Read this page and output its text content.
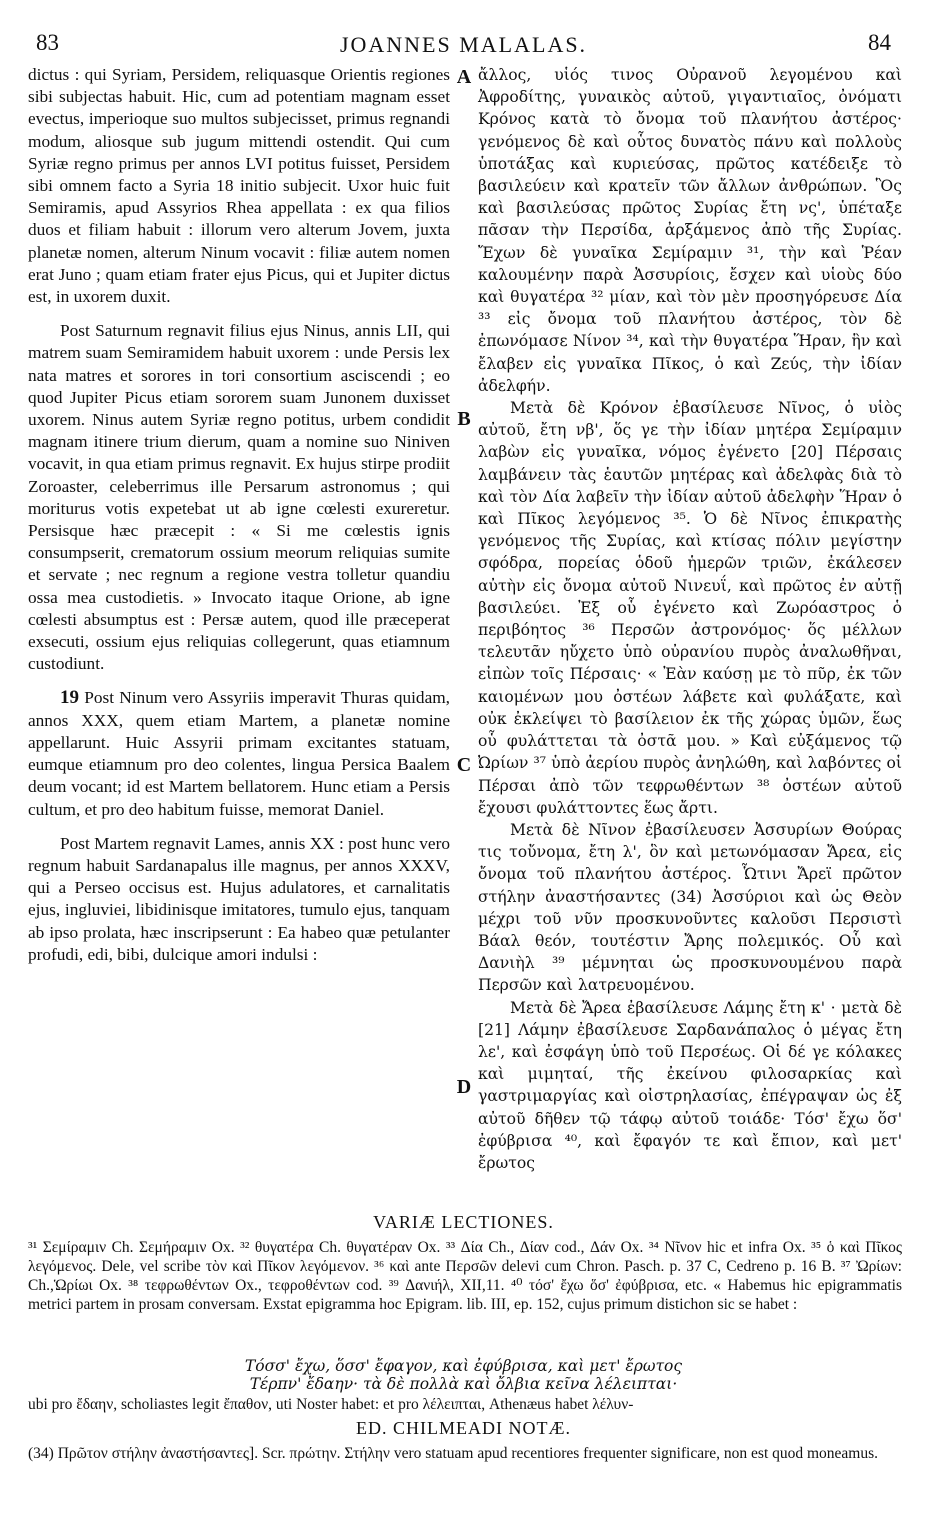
83	JOANNES MALALAS.	84

dictus : qui Syriam, Persidem, reliquasque Orientis regiones sibi subjectas habuit. Hic, cum ad potentiam magnam esset evectus, imperioque suo multos subjecisset, primus regnandi modum, aliosque sub jugum mittendi ostendit. Qui cum Syriæ regno primus per annos LVI potitus fuisset, Persidem sibi omnem facto a Syria 18 initio subjecit. Uxor huic fuit Semiramis, apud Assyrios Rhea appellata : ex qua filios duos et filiam habuit : illorum vero alterum Jovem, juxta planetæ nomen, alterum Ninum vocavit : filiæ autem nomen erat Juno ; quam etiam frater ejus Picus, qui et Jupiter dictus est, in uxorem duxit.

Post Saturnum regnavit filius ejus Ninus, annis LII, qui matrem suam Semiramidem habuit uxorem : unde Persis lex nata matres et sorores in tori consortium asciscendi ; eo quod Jupiter Picus etiam sororem suam Junonem duxisset uxorem. Ninus autem Syriæ regno potitus, urbem condidit magnam itinere trium dierum, quam a nomine suo Niniven vocavit, in qua etiam primus regnavit. Ex hujus stirpe prodiit Zoroaster, celeberrimus ille Persarum astronomus ; qui moriturus votis expetebat ut ab igne cœlesti exureretur. Persisque hæc præcepit : « Si me cœlestis ignis consumpserit, crematorum ossium meorum reliquias sumite et servate ; nec regnum a regione vestra tolletur quandiu ossa mea custodietis. » Invocato itaque Orione, ab igne cœlesti absumptus est : Persæ autem, quod ille præceperat exsecuti, ossium ejus reliquias collegerunt, quas etiamnum custodiunt.

19 Post Ninum vero Assyriis imperavit Thuras quidam, annos XXX, quem etiam Martem, a planetæ nomine appellarunt. Huic Assyrii primam excitantes statuam, eumque etiamnum pro deo colentes, lingua Persica Baalem deum vocant; id est Martem bellatorem. Hunc etiam a Persis cultum, et pro deo habitum fuisse, memorat Daniel.

Post Martem regnavit Lames, annis XX : post hunc vero regnum habuit Sardanapalus ille magnus, per annos XXXV, qui a Perseo occisus est. Hujus adulatores, et carnalitatis ejus, ingluviei, libidinisque imitatores, tumulo ejus, tanquam ab ipso prolata, hæc inscripserunt : Ea habeo quæ petulanter profudi, edi, bibi, dulcique amori indulsi :

A
B
C
D

ἄλλος, υἱός τινος Οὐρανοῦ λεγομένου καὶ Ἀφροδίτης, γυναικὸς αὐτοῦ, γιγαντιαῖος, ὀνόματι Κρόνος κατὰ τὸ ὄνομα τοῦ πλανήτου ἀστέρος· γενόμενος δὲ καὶ οὗτος δυνατὸς πάνυ καὶ πολλοὺς ὑποτάξας καὶ κυριεύσας, πρῶτος κατέδειξε τὸ βασιλεύειν καὶ κρατεῖν τῶν ἄλλων ἀνθρώπων. Ὃς καὶ βασιλεύσας πρῶτος Συρίας ἔτη νς', ὑπέταξε πᾶσαν τὴν Περσίδα, ἀρξάμενος ἀπὸ τῆς Συρίας. Ἔχων δὲ γυναῖκα Σεμίραμιν ³¹, τὴν καὶ Ῥέαν καλουμένην παρὰ Ἀσσυρίοις, ἔσχεν καὶ υἱοὺς δύο καὶ θυγατέρα ³² μίαν, καὶ τὸν μὲν προσηγόρευσε Δία ³³ εἰς ὄνομα τοῦ πλανήτου ἀστέρος, τὸν δὲ ἐπωνόμασε Νίνον ³⁴, καὶ τὴν θυγατέρα Ἥραν, ἣν καὶ ἔλαβεν εἰς γυναῖκα Πῖκος, ὁ καὶ Ζεύς, τὴν ἰδίαν ἀδελφήν.

Μετὰ δὲ Κρόνον ἐβασίλευσε Νῖνος, ὁ υἱὸς αὐτοῦ, ἔτη νβ', ὅς γε τὴν ἰδίαν μητέρα Σεμίραμιν λαβὼν εἰς γυναῖκα, νόμος ἐγένετο [20] Πέρσαις λαμβάνειν τὰς ἑαυτῶν μητέρας καὶ ἀδελφὰς διὰ τὸ καὶ τὸν Δία λαβεῖν τὴν ἰδίαν αὐτοῦ ἀδελφὴν Ἥραν ὁ καὶ Πῖκος λεγόμενος ³⁵. Ὁ δὲ Νῖνος ἐπικρατὴς γενόμενος τῆς Συρίας, καὶ κτίσας πόλιν μεγίστην σφόδρα, πορείας ὁδοῦ ἡμερῶν τριῶν, ἐκάλεσεν αὐτὴν εἰς ὄνομα αὐτοῦ Νινευΐ, καὶ πρῶτος ἐν αὐτῇ βασιλεύει. Ἐξ οὗ ἐγένετο καὶ Ζωρόαστρος ὁ περιβόητος ³⁶ Περσῶν ἀστρονόμος· ὅς μέλλων τελευτᾶν ηὔχετο ὑπὸ οὐρανίου πυρὸς ἀναλωθῆναι, εἰπὼν τοῖς Πέρσαις· « Ἐὰν καύσῃ με τὸ πῦρ, ἐκ τῶν καιομένων μου ὀστέων λάβετε καὶ φυλάξατε, καὶ οὐκ ἐκλείψει τὸ βασίλειον ἐκ τῆς χώρας ὑμῶν, ἕως οὗ φυλάττεται τὰ ὀστᾶ μου. » Καὶ εὐξάμενος τῷ Ὠρίων ³⁷ ὑπὸ ἀερίου πυρὸς ἀνηλώθη, καὶ λαβόντες οἱ Πέρσαι ἀπὸ τῶν τεφρωθέντων ³⁸ ὀστέων αὐτοῦ ἔχουσι φυλάττοντες ἕως ἄρτι.

Μετὰ δὲ Νῖνον ἐβασίλευσεν Ἀσσυρίων Θούρας τις τοὔνομα, ἔτη λ', ὃν καὶ μετωνόμασαν Ἄρεα, εἰς ὄνομα τοῦ πλανήτου ἀστέρος. Ὧτινι Ἄρεϊ πρῶτον στήλην ἀναστήσαντες (34) Ἀσσύριοι καὶ ὡς Θεὸν μέχρι τοῦ νῦν προσκυνοῦντες καλοῦσι Περσιστὶ Βάαλ θεόν, τουτέστιν Ἄρης πολεμικός. Οὗ καὶ Δανιὴλ ³⁹ μέμνηται ὡς προσκυνουμένου παρὰ Περσῶν καὶ λατρευομένου.

Μετὰ δὲ Ἄρεα ἐβασίλευσε Λάμης ἔτη κ' · μετὰ δὲ [21] Λάμην ἐβασίλευσε Σαρδανάπαλος ὁ μέγας ἔτη λε', καὶ ἐσφάγη ὑπὸ τοῦ Περσέως. Οἱ δέ γε κόλακες καὶ μιμηταί, τῆς ἐκείνου φιλοσαρκίας καὶ γαστριμαργίας καὶ οἰστρηλασίας, ἐπέγραψαν ὡς ἐξ αὐτοῦ δῆθεν τῷ τάφῳ αὐτοῦ τοιάδε· Τόσ' ἔχω ὅσ' ἐφύβρισα ⁴⁰, καὶ ἔφαγόν τε καὶ ἔπιον, καὶ μετ' ἔρωτος

VARIÆ LECTIONES.
³¹ Σεμίραμιν Ch. Σεμήραμιν Ox. ³² θυγατέρα Ch. θυγατέραν Ox. ³³ Δία Ch., Δίαν cod., Δάν Ox. ³⁴ Νῖνον hic et infra Ox. ³⁵ ὁ καὶ Πῖκος λεγόμενος. Dele, vel scribe τὸν καὶ Πῖκον λεγόμενον. ³⁶ καὶ ante Περσῶν delevi cum Chron. Pasch. p. 37 C, Cedreno p. 16 B. ³⁷ Ὠρίων: Ch.,Ὡρίωι Ox. ³⁸ τεφρωθέντων Ox., τεφροθέντων cod. ³⁹ Δανιήλ, XII,11. ⁴⁰ τόσ' ἔχω ὅσ' ἐφύβρισα, etc. « Habemus hic epigrammatis metrici partem in prosam conversam. Exstat epigramma hoc Epigram. lib. III, ep. 152, cujus primum distichon sic se habet :
Τόσσ' ἔχω, ὅσσ' ἔφαγον, καὶ ἐφύβρισα, καὶ μετ' ἔρωτος
Τέρπν' ἔδαην· τὰ δὲ πολλὰ καὶ ὄλβια κεῖνα λέλειπται·
ubi pro ἔδαην, scholiastes legit ἔπαθον, uti Noster habet: et pro λέλειπται, Athenæus habet λέλυν-
ED. CHILMEADI NOTÆ.
(34) Πρῶτον στήλην ἀναστήσαντες]. Scr. πρώτην. Στήλην vero statuam apud recentiores frequenter significare, non est quod moneamus.
